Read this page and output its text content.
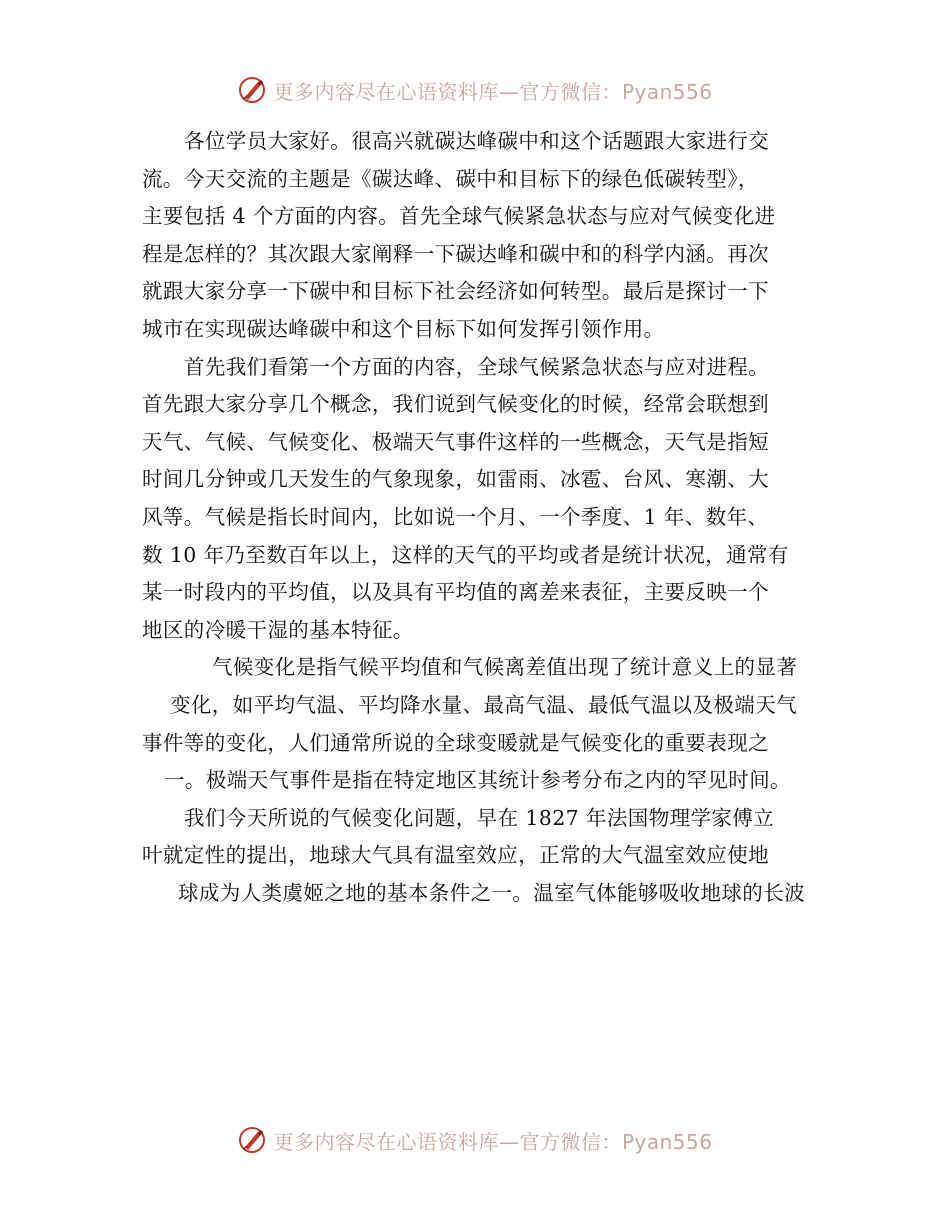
更多内容尽在心语资料库—官方微信：Pyan556
各位学员大家好。很高兴就碳达峰碳中和这个话题跟大家进行交
流。今天交流的主题是《碳达峰、碳中和目标下的绿色低碳转型》，
主要包括 4 个方面的内容。首先全球气候紧急状态与应对气候变化进
程是怎样的？其次跟大家阐释一下碳达峰和碳中和的科学内涵。再次
就跟大家分享一下碳中和目标下社会经济如何转型。最后是探讨一下
城市在实现碳达峰碳中和这个目标下如何发挥引领作用。
首先我们看第一个方面的内容，全球气候紧急状态与应对进程。
首先跟大家分享几个概念，我们说到气候变化的时候，经常会联想到
天气、气候、气候变化、极端天气事件这样的一些概念，天气是指短
时间几分钟或几天发生的气象现象，如雷雨、冰雹、台风、寒潮、大
风等。气候是指长时间内，比如说一个月、一个季度、1 年、数年、
数 10 年乃至数百年以上，这样的天气的平均或者是统计状况，通常有
某一时段内的平均值，以及具有平均值的离差来表征，主要反映一个
地区的冷暖干湿的基本特征。
气候变化是指气候平均值和气候离差值出现了统计意义上的显著
变化，如平均气温、平均降水量、最高气温、最低气温以及极端天气
事件等的变化，人们通常所说的全球变暖就是气候变化的重要表现之
一。极端天气事件是指在特定地区其统计参考分布之内的罕见时间。
我们今天所说的气候变化问题，早在 1827 年法国物理学家傅立
叶就定性的提出，地球大气具有温室效应，正常的大气温室效应使地
球成为人类虞姬之地的基本条件之一。温室气体能够吸收地球的长波
更多内容尽在心语资料库—官方微信：Pyan556
